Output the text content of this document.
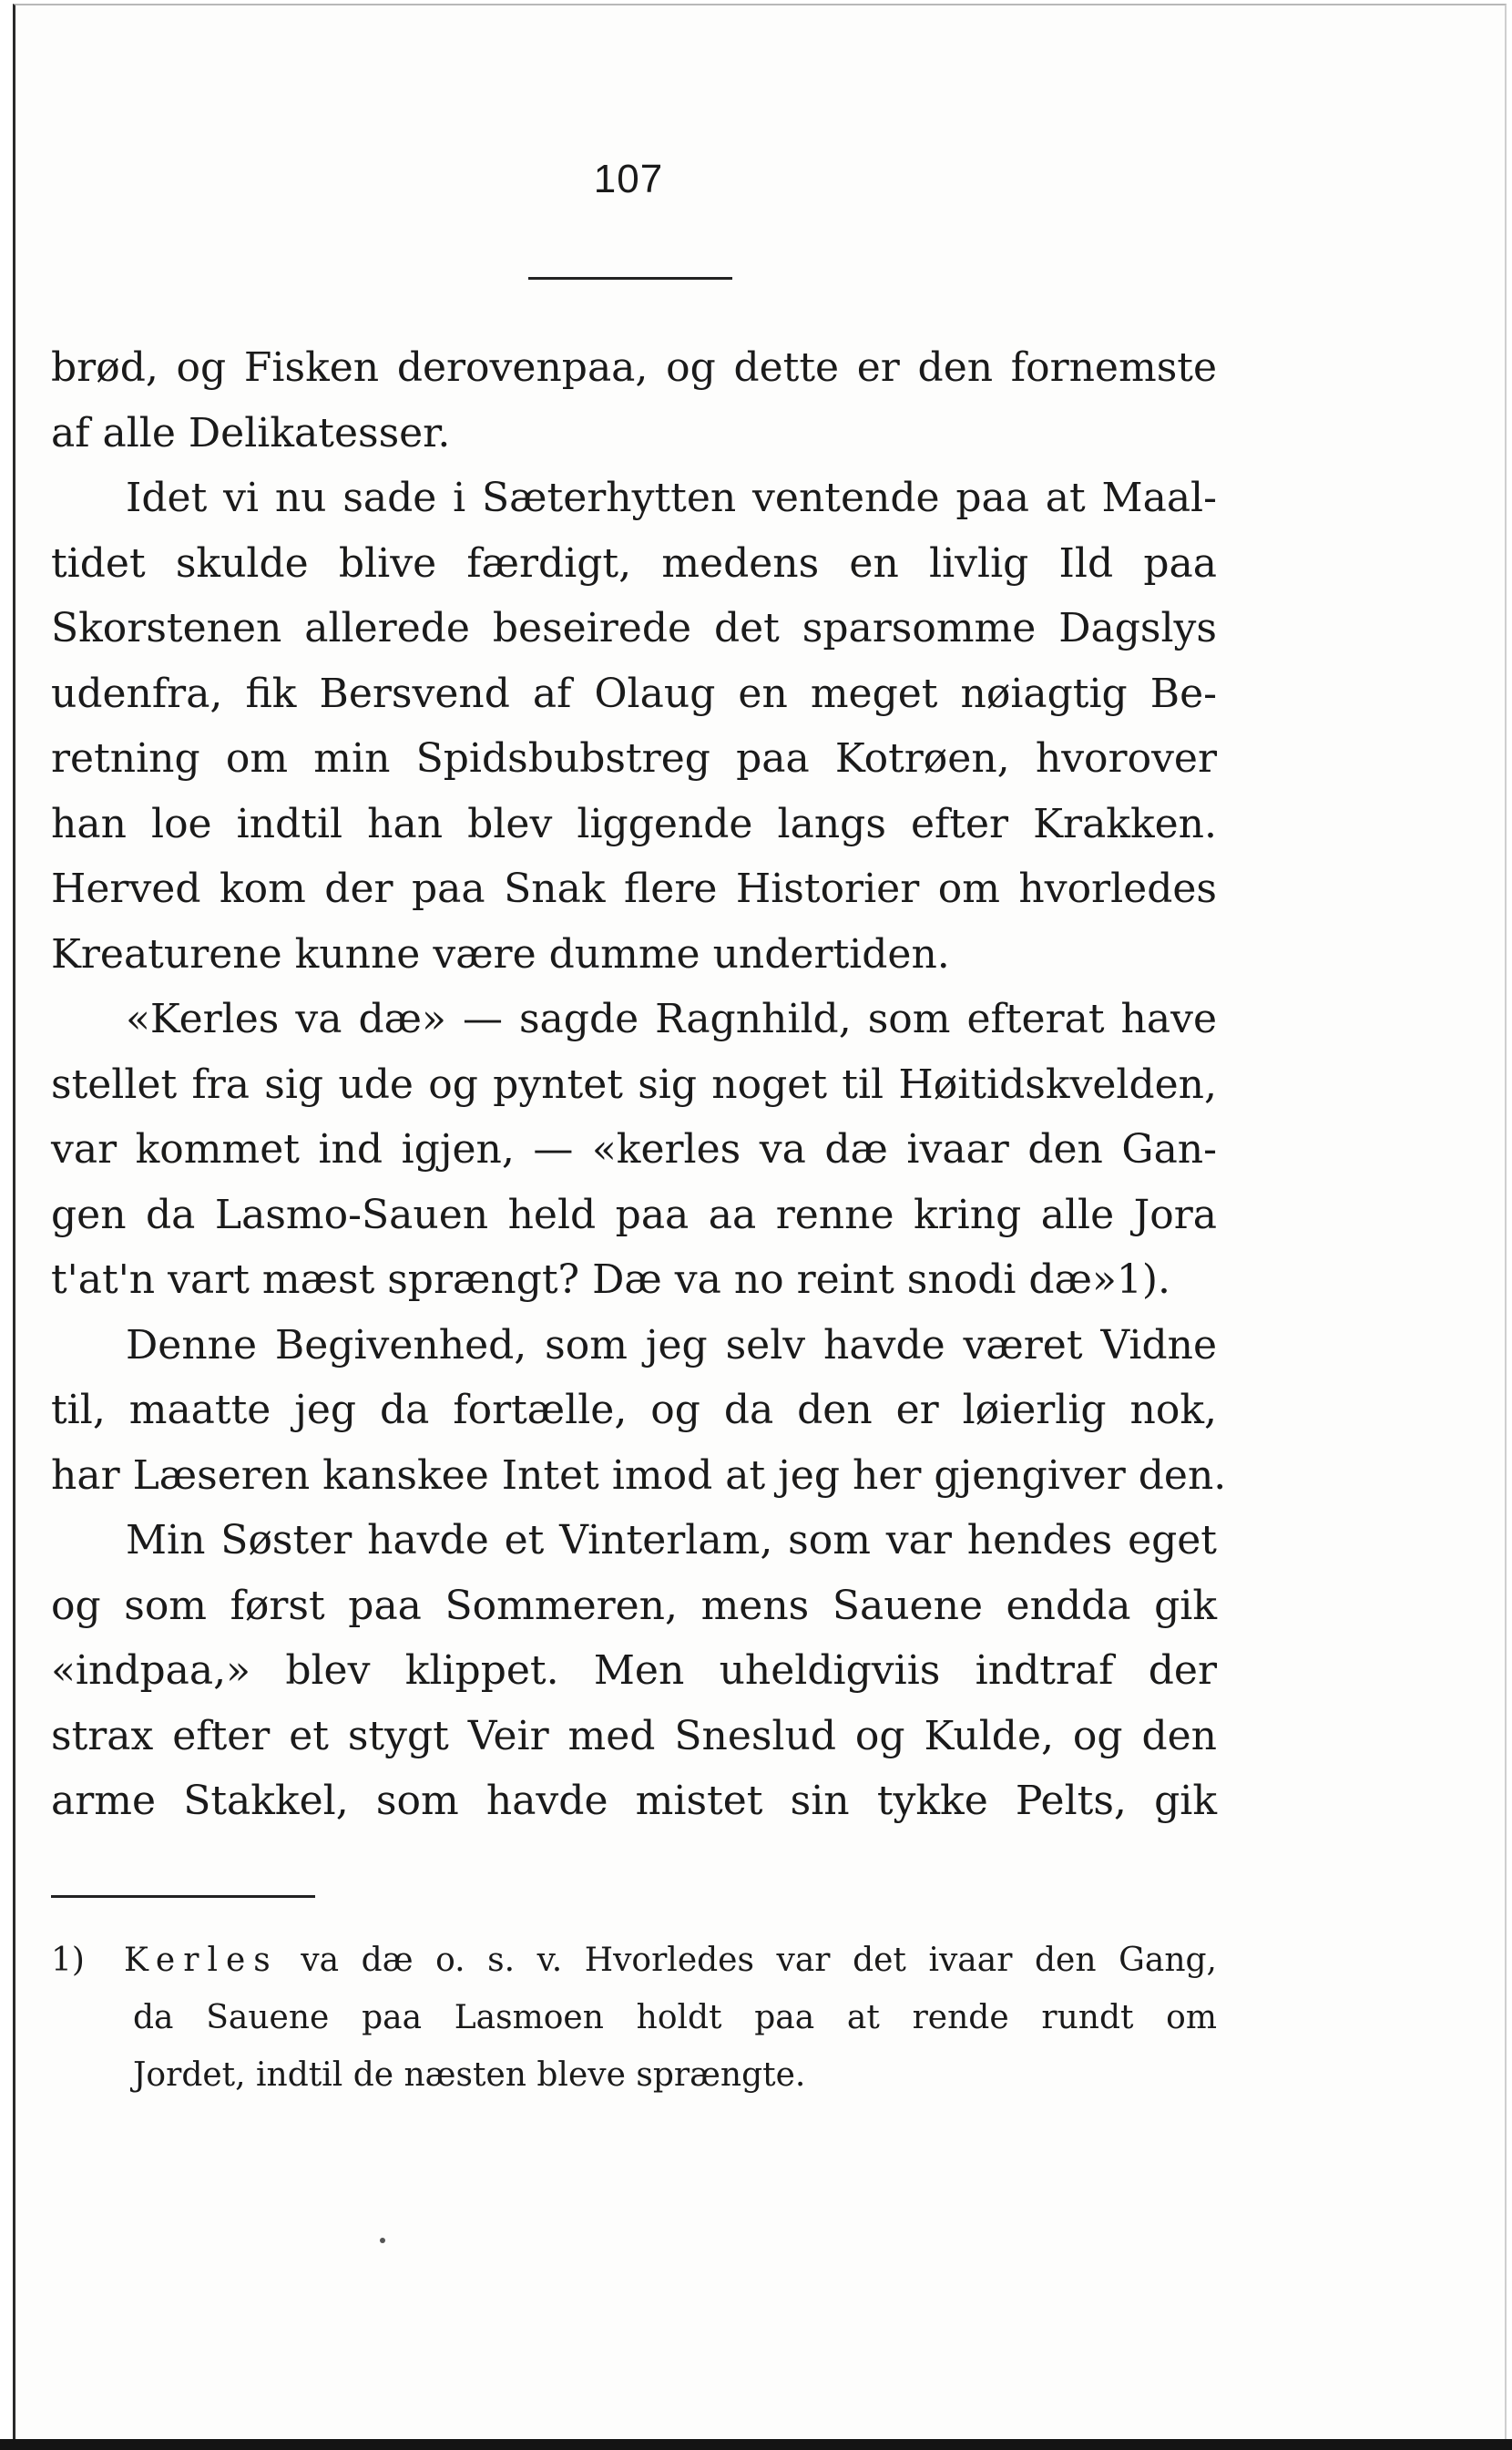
107
brød, og Fisken derovenpaa, og dette er den fornemste
af alle Delikatesser.
Idet vi nu sade i Sæterhytten ventende paa at Maal-
tidet skulde blive færdigt, medens en livlig Ild paa
Skorstenen allerede beseirede det sparsomme Dagslys
udenfra, fik Bersvend af Olaug en meget nøiagtig Be-
retning om min Spidsbubstreg paa Kotrøen, hvorover
han loe indtil han blev liggende langs efter Krakken.
Herved kom der paa Snak flere Historier om hvorledes
Kreaturene kunne være dumme undertiden.
«Kerles va dæ» — sagde Ragnhild, som efterat have
stellet fra sig ude og pyntet sig noget til Høitidskvelden,
var kommet ind igjen, — «kerles va dæ ivaar den Gan-
gen da Lasmo-Sauen held paa aa renne kring alle Jora
t'at'n vart mæst sprængt? Dæ va no reint snodi dæ»1).
Denne Begivenhed, som jeg selv havde været Vidne
til, maatte jeg da fortælle, og da den er løierlig nok,
har Læseren kanskee Intet imod at jeg her gjengiver den.
Min Søster havde et Vinterlam, som var hendes eget
og som først paa Sommeren, mens Sauene endda gik
«indpaa,» blev klippet. Men uheldigviis indtraf der
strax efter et stygt Veir med Sneslud og Kulde, og den
arme Stakkel, som havde mistet sin tykke Pelts, gik
1) Kerles va dæ o. s. v. Hvorledes var det ivaar den Gang,
da Sauene paa Lasmoen holdt paa at rende rundt om
Jordet, indtil de næsten bleve sprængte.
